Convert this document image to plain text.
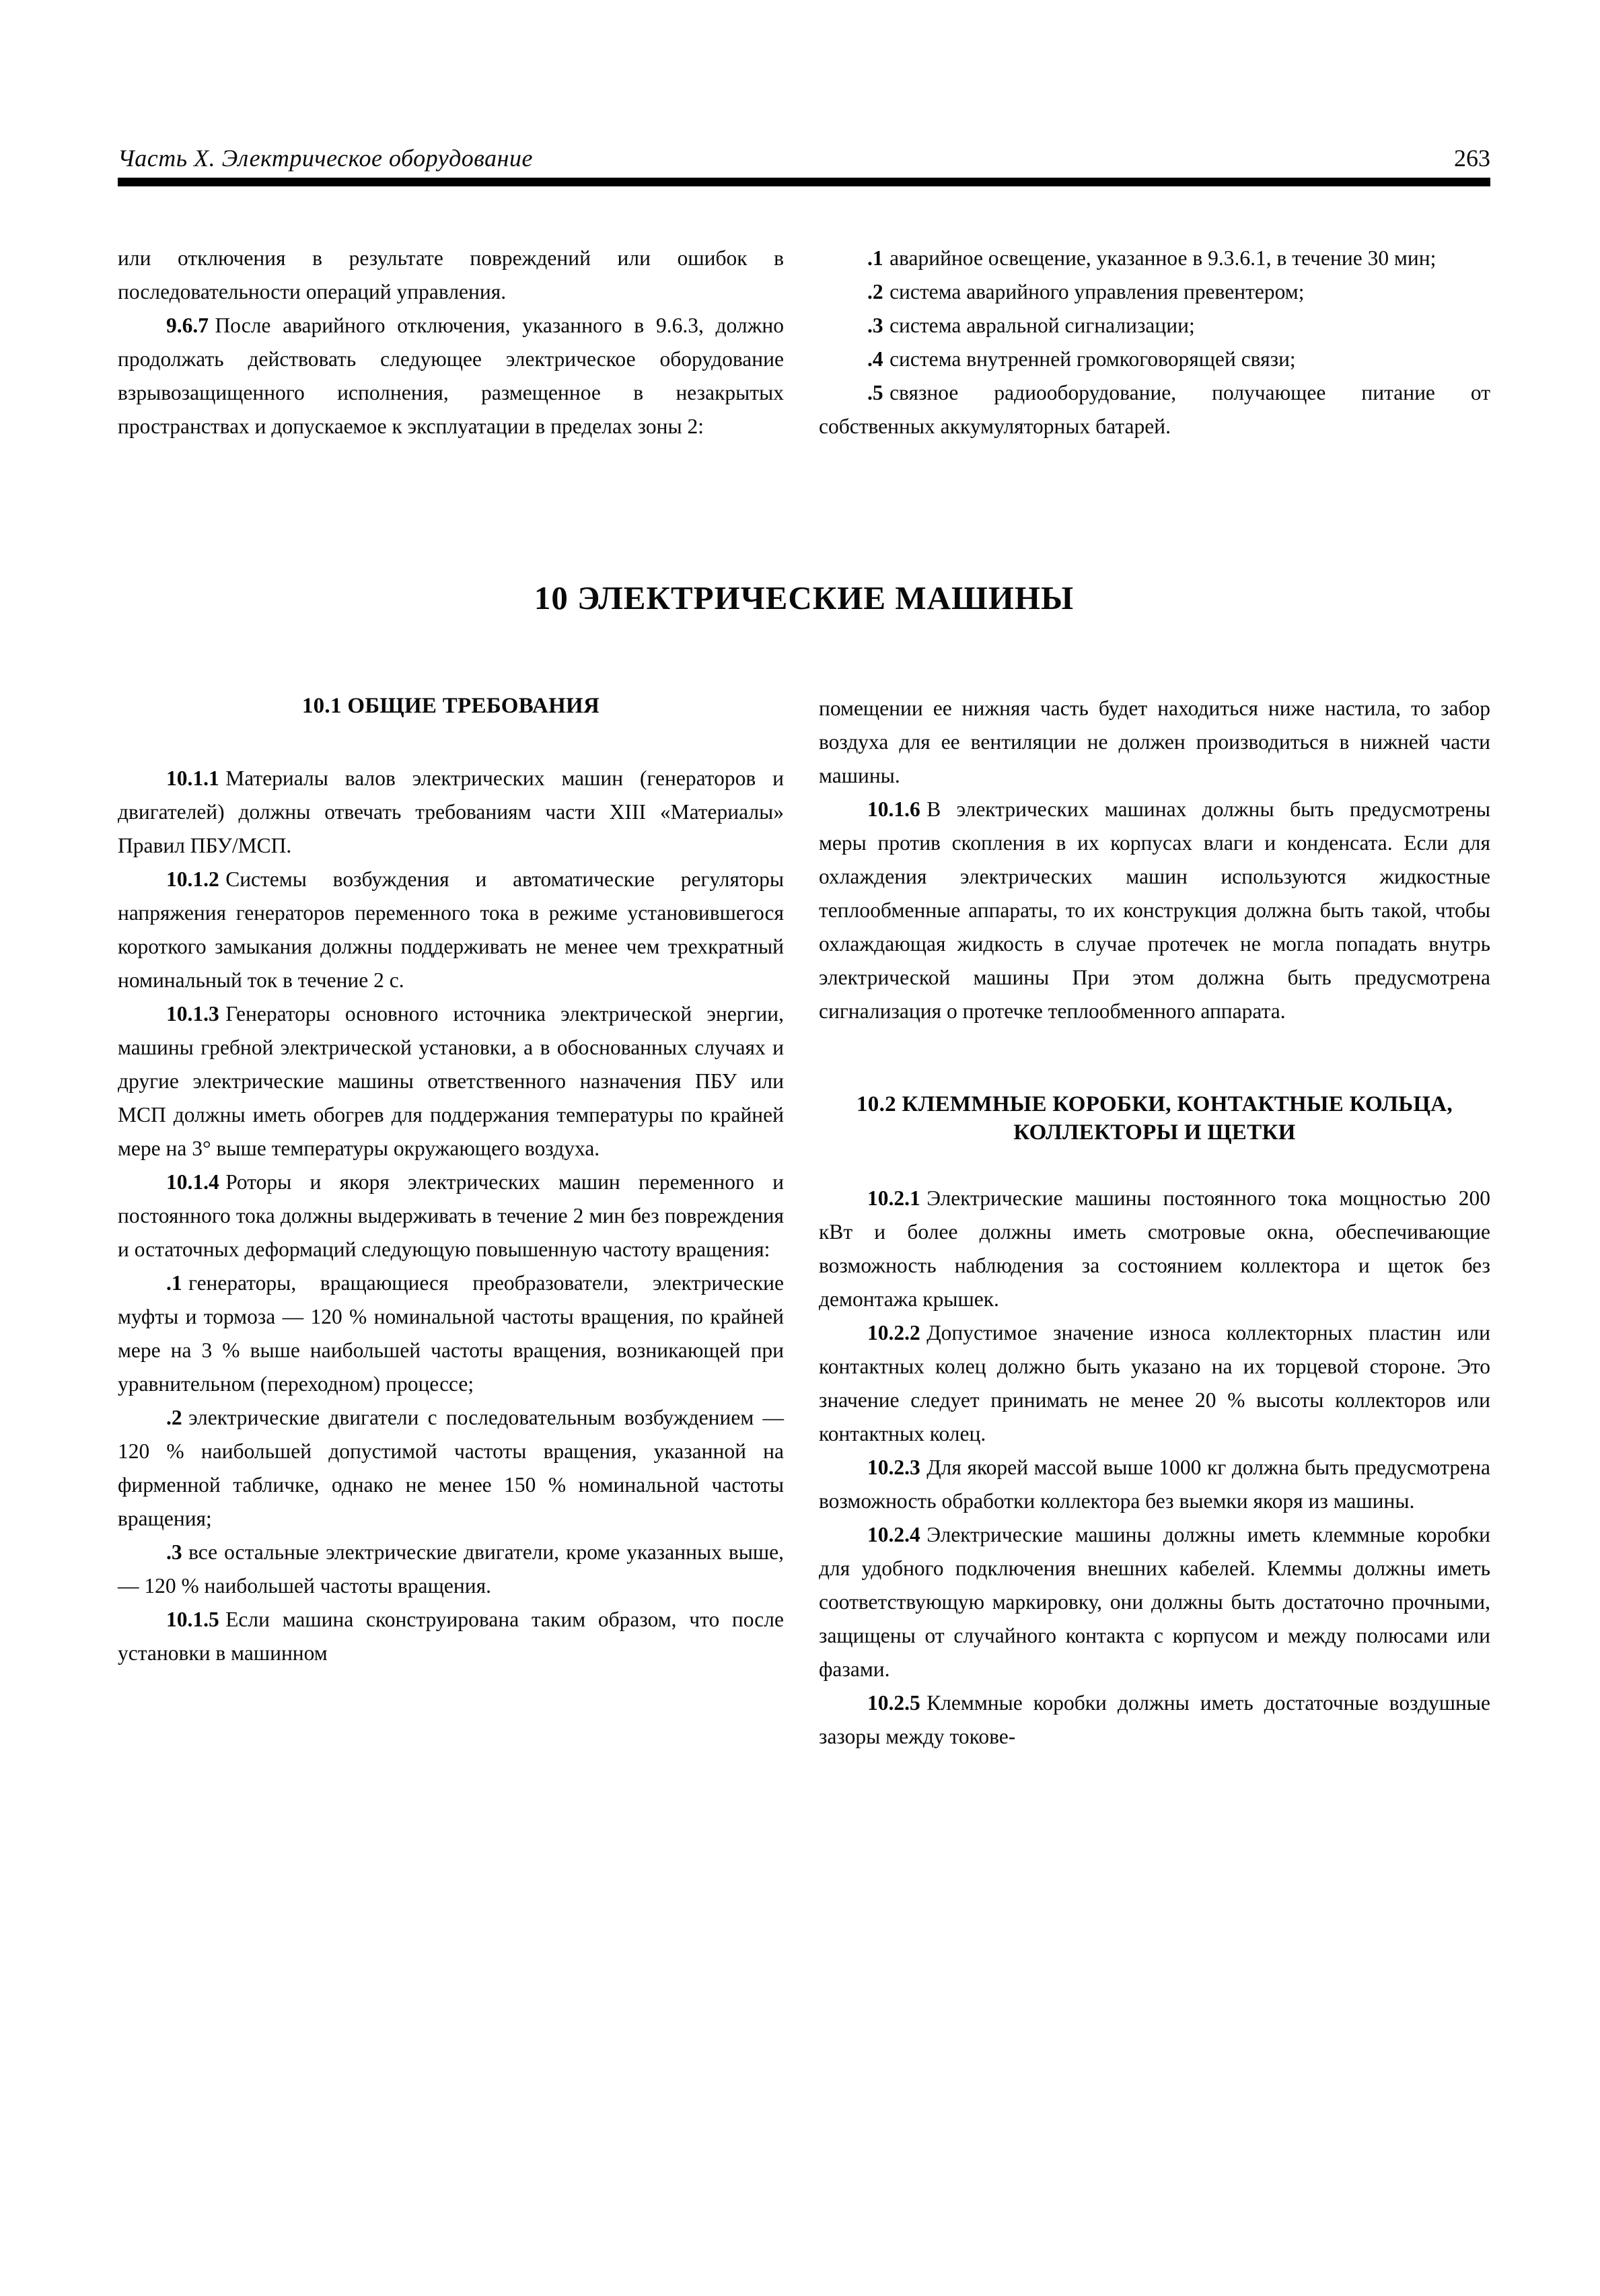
Часть X. Электрическое оборудование	263

или отключения в результате повреждений или ошибок в последовательности операций управления.

9.6.7 После аварийного отключения, указанного в 9.6.3, должно продолжать действовать следующее электрическое оборудование взрывозащищенного исполнения, размещенное в незакрытых пространствах и допускаемое к эксплуатации в пределах зоны 2:

.1 аварийное освещение, указанное в 9.3.6.1, в течение 30 мин;

.2 система аварийного управления превентером;

.3 система авральной сигнализации;

.4 система внутренней громкоговорящей связи;

.5 связное радиооборудование, получающее питание от собственных аккумуляторных батарей.

10 ЭЛЕКТРИЧЕСКИЕ МАШИНЫ
10.1 ОБЩИЕ ТРЕБОВАНИЯ

10.1.1 Материалы валов электрических машин (генераторов и двигателей) должны отвечать требованиям части XIII «Материалы» Правил ПБУ/МСП.

10.1.2 Системы возбуждения и автоматические регуляторы напряжения генераторов переменного тока в режиме установившегося короткого замыкания должны поддерживать не менее чем трехкратный номинальный ток в течение 2 с.

10.1.3 Генераторы основного источника электрической энергии, машины гребной электрической установки, а в обоснованных случаях и другие электрические машины ответственного назначения ПБУ или МСП должны иметь обогрев для поддержания температуры по крайней мере на 3° выше температуры окружающего воздуха.

10.1.4 Роторы и якоря электрических машин переменного и постоянного тока должны выдерживать в течение 2 мин без повреждения и остаточных деформаций следующую повышенную частоту вращения:

.1 генераторы, вращающиеся преобразователи, электрические муфты и тормоза — 120 % номинальной частоты вращения, по крайней мере на 3 % выше наибольшей частоты вращения, возникающей при уравнительном (переходном) процессе;

.2 электрические двигатели с последовательным возбуждением — 120 % наибольшей допустимой частоты вращения, указанной на фирменной табличке, однако не менее 150 % номинальной частоты вращения;

.3 все остальные электрические двигатели, кроме указанных выше, — 120 % наибольшей частоты вращения.

10.1.5 Если машина сконструирована таким образом, что после установки в машинном

помещении ее нижняя часть будет находиться ниже настила, то забор воздуха для ее вентиляции не должен производиться в нижней части машины.

10.1.6 В электрических машинах должны быть предусмотрены меры против скопления в их корпусах влаги и конденсата. Если для охлаждения электрических машин используются жидкостные теплообменные аппараты, то их конструкция должна быть такой, чтобы охлаждающая жидкость в случае протечек не могла попадать внутрь электрической машины При этом должна быть предусмотрена сигнализация о протечке теплообменного аппарата.

10.2 КЛЕММНЫЕ КОРОБКИ, КОНТАКТНЫЕ КОЛЬЦА, КОЛЛЕКТОРЫ И ЩЕТКИ

10.2.1 Электрические машины постоянного тока мощностью 200 кВт и более должны иметь смотровые окна, обеспечивающие возможность наблюдения за состоянием коллектора и щеток без демонтажа крышек.

10.2.2 Допустимое значение износа коллекторных пластин или контактных колец должно быть указано на их торцевой стороне. Это значение следует принимать не менее 20 % высоты коллекторов или контактных колец.

10.2.3 Для якорей массой выше 1000 кг должна быть предусмотрена возможность обработки коллектора без выемки якоря из машины.

10.2.4 Электрические машины должны иметь клеммные коробки для удобного подключения внешних кабелей. Клеммы должны иметь соответствующую маркировку, они должны быть достаточно прочными, защищены от случайного контакта с корпусом и между полюсами или фазами.

10.2.5 Клеммные коробки должны иметь достаточные воздушные зазоры между токове-
